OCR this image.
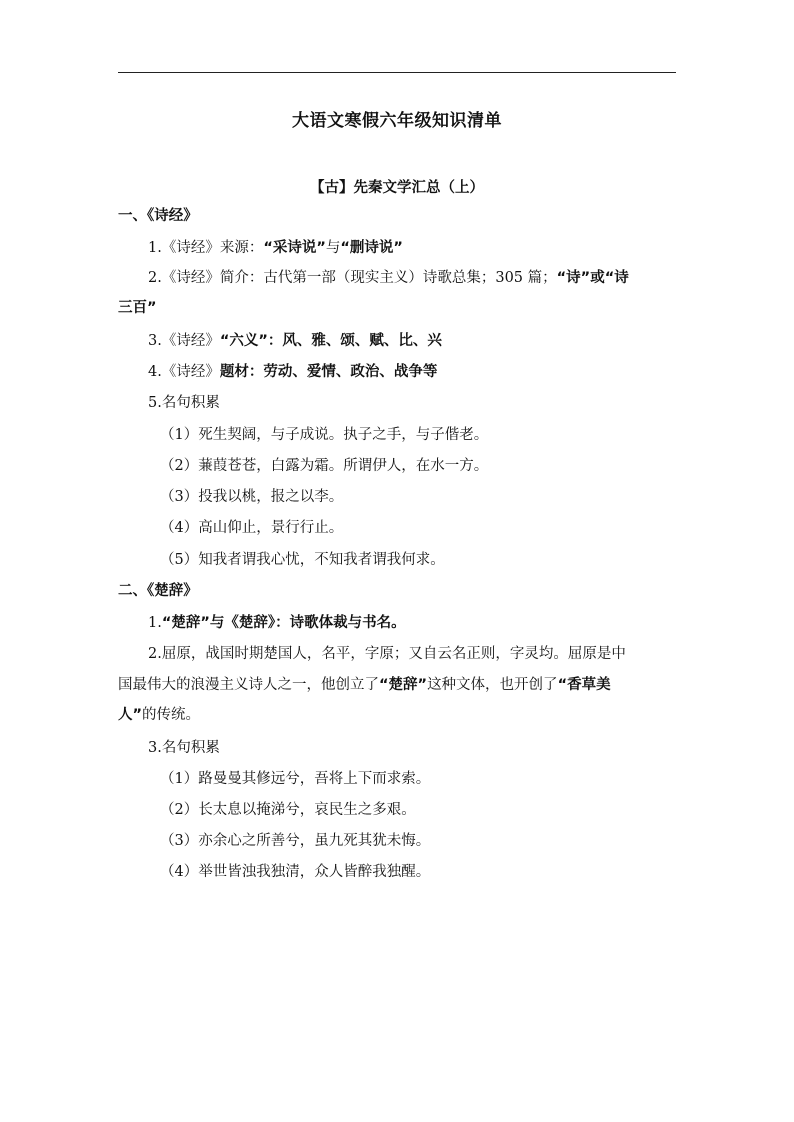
大语文寒假六年级知识清单
【古】先秦文学汇总（上）
一、《诗经》
1.《诗经》来源：“采诗说”与“删诗说”
2.《诗经》简介：古代第一部（现实主义）诗歌总集；305 篇；“诗”或“诗
三百”
3.《诗经》“六义”：风、雅、颂、赋、比、兴
4.《诗经》题材：劳动、爱情、政治、战争等
5.名句积累
（1）死生契阔，与子成说。执子之手，与子偕老。
（2）蒹葭苍苍，白露为霜。所谓伊人，在水一方。
（3）投我以桃，报之以李。
（4）高山仰止，景行行止。
（5）知我者谓我心忧，不知我者谓我何求。
二、《楚辞》
1.“楚辞”与《楚辞》：诗歌体裁与书名。
2.屈原，战国时期楚国人，名平，字原；又自云名正则，字灵均。屈原是中
国最伟大的浪漫主义诗人之一，他创立了“楚辞”这种文体，也开创了“香草美
人”的传统。
3.名句积累
（1）路曼曼其修远兮，吾将上下而求索。
（2）长太息以掩涕兮，哀民生之多艰。
（3）亦余心之所善兮，虽九死其犹未悔。
（4）举世皆浊我独清，众人皆醉我独醒。
